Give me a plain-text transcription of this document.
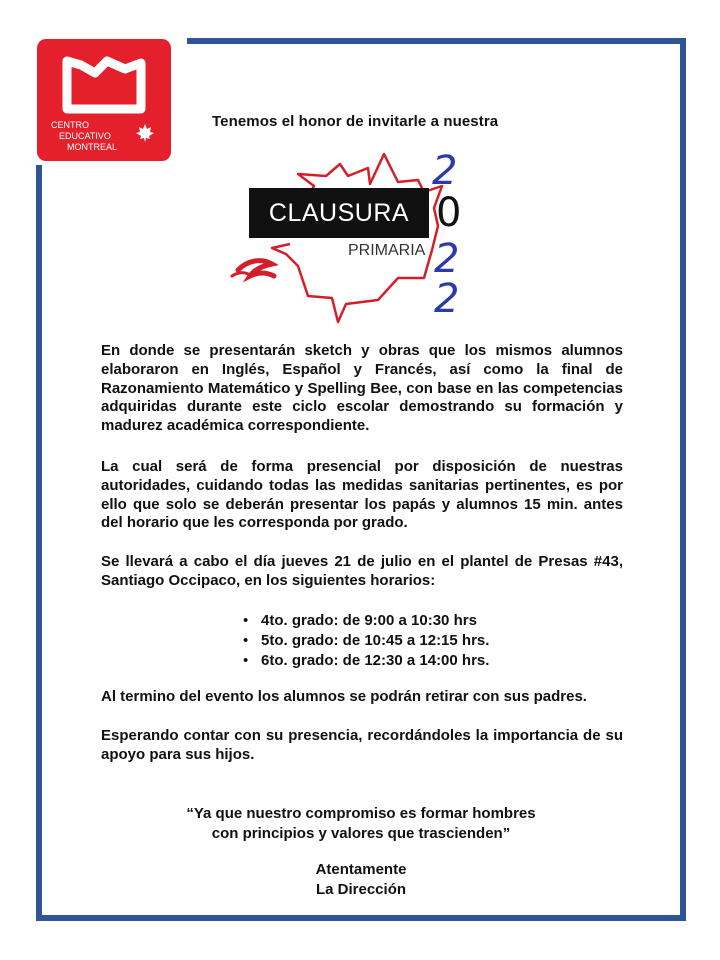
CENTRO
EDUCATIVO
MONTREAL
Tenemos el honor de invitarle a nuestra
CLAUSURA
PRIMARIA
2
0
2
2

En donde se presentarán sketch y obras que los mismos alumnos elaboraron en Inglés, Español y Francés, así como la final de Razonamiento Matemático y Spelling Bee, con base en las competencias adquiridas durante este ciclo escolar demostrando su formación y madurez académica correspondiente.

La cual será de forma presencial por disposición de nuestras autoridades, cuidando todas las medidas sanitarias pertinentes, es por ello que solo se deberán presentar los papás y alumnos 15 min. antes del horario que les corresponda por grado.

Se llevará a cabo el día jueves 21 de julio en el plantel de Presas #43, Santiago Occipaco, en los siguientes horarios:

• 4to. grado: de 9:00 a 10:30 hrs
• 5to. grado: de 10:45 a 12:15 hrs.
• 6to. grado: de 12:30 a 14:00 hrs.

Al termino del evento los alumnos se podrán retirar con sus padres.

Esperando contar con su presencia, recordándoles la importancia de su apoyo para sus hijos.

“Ya que nuestro compromiso es formar hombres
con principios y valores que trascienden”
Atentamente
La Dirección
